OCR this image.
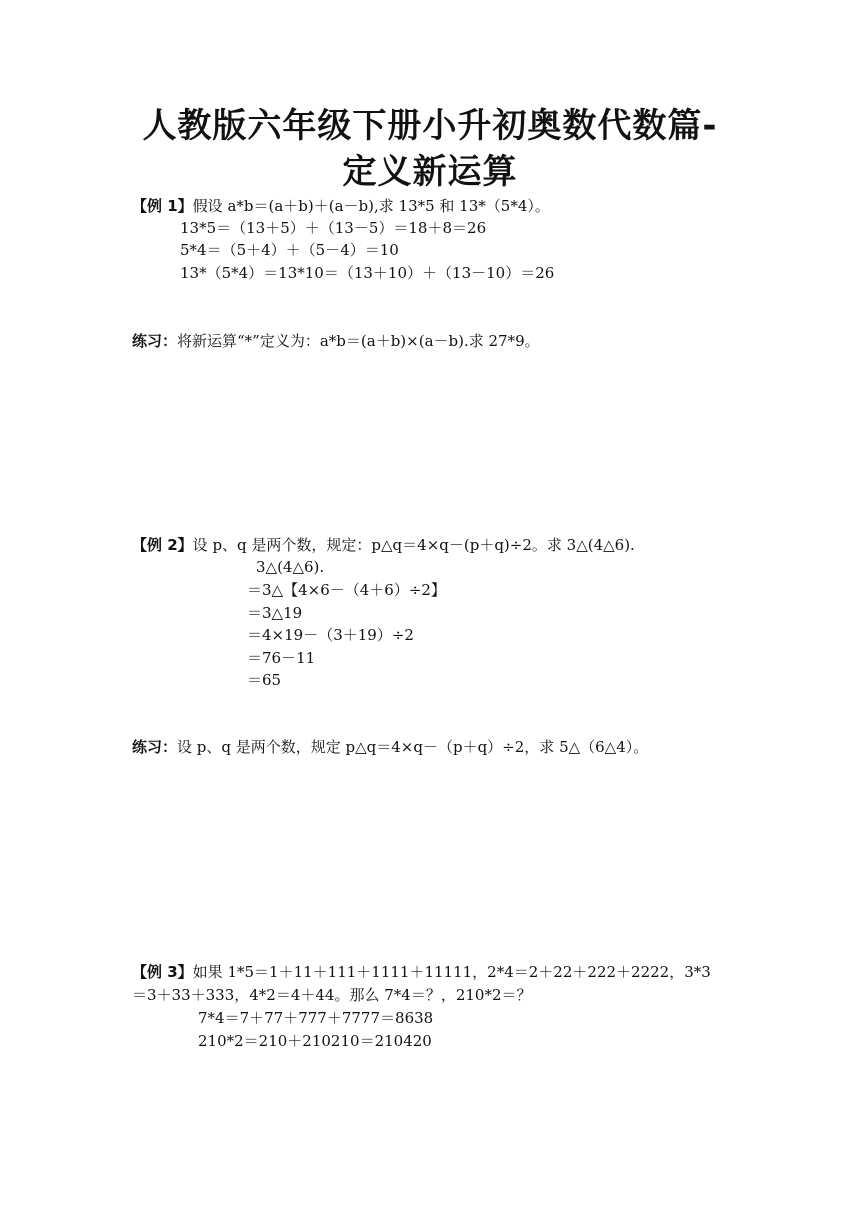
人教版六年级下册小升初奥数代数篇-
定义新运算
【例 1】假设 a*b＝(a＋b)＋(a－b),求 13*5 和 13*（5*4）。
13*5＝（13＋5）＋（13－5）＝18＋8＝26
5*4＝（5＋4）＋（5－4）＝10
13*（5*4）＝13*10＝（13＋10）＋（13－10）＝26
练习：将新运算“*”定义为：a*b＝(a＋b)×(a－b).求 27*9。
【例 2】设 p、q 是两个数，规定：p△q＝4×q－(p＋q)÷2。求 3△(4△6).
3△(4△6).
＝3△【4×6－（4＋6）÷2】
＝3△19
＝4×19－（3＋19）÷2
＝76－11
＝65
练习：设 p、q 是两个数，规定 p△q＝4×q－（p＋q）÷2，求 5△（6△4）。
【例 3】如果 1*5＝1＋11＋111＋1111＋11111，2*4＝2＋22＋222＋2222，3*3
＝3＋33＋333，4*2＝4＋44。那么 7*4＝？，210*2＝？
7*4＝7＋77＋777＋7777＝8638
210*2＝210＋210210＝210420
